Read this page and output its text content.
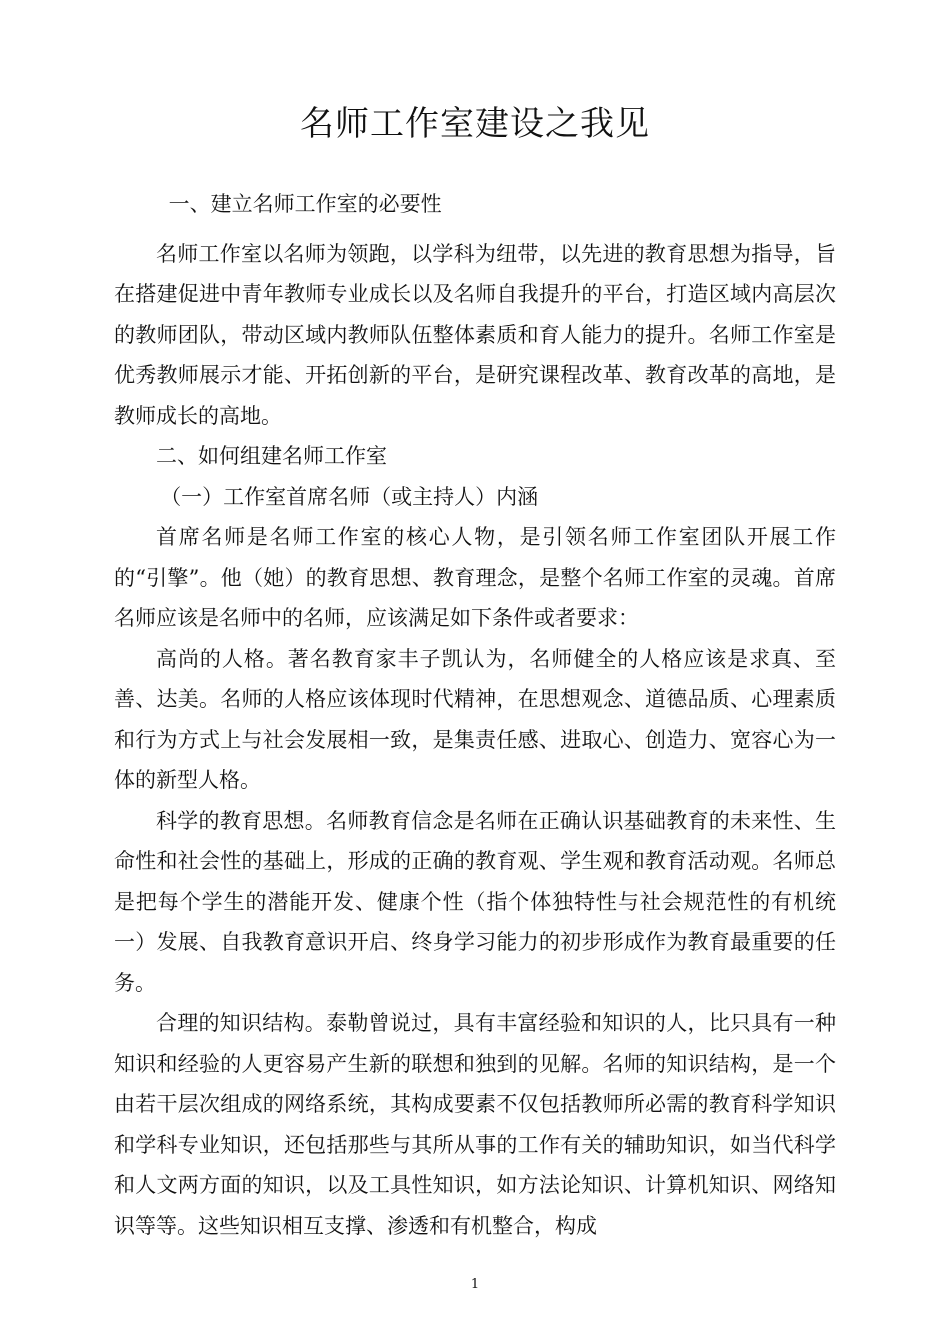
名师工作室建设之我见

一、建立名师工作室的必要性

名师工作室以名师为领跑，以学科为纽带，以先进的教育思想为指导，旨在搭建促进中青年教师专业成长以及名师自我提升的平台，打造区域内高层次的教师团队，带动区域内教师队伍整体素质和育人能力的提升。名师工作室是优秀教师展示才能、开拓创新的平台，是研究课程改革、教育改革的高地，是教师成长的高地。

二、如何组建名师工作室

（一）工作室首席名师（或主持人）内涵

首席名师是名师工作室的核心人物，是引领名师工作室团队开展工作的“引擎”。他（她）的教育思想、教育理念，是整个名师工作室的灵魂。首席名师应该是名师中的名师，应该满足如下条件或者要求：

高尚的人格。著名教育家丰子凯认为，名师健全的人格应该是求真、至善、达美。名师的人格应该体现时代精神，在思想观念、道德品质、心理素质和行为方式上与社会发展相一致，是集责任感、进取心、创造力、宽容心为一体的新型人格。

科学的教育思想。名师教育信念是名师在正确认识基础教育的未来性、生命性和社会性的基础上，形成的正确的教育观、学生观和教育活动观。名师总是把每个学生的潜能开发、健康个性（指个体独特性与社会规范性的有机统一）发展、自我教育意识开启、终身学习能力的初步形成作为教育最重要的任务。

合理的知识结构。泰勒曾说过，具有丰富经验和知识的人，比只具有一种知识和经验的人更容易产生新的联想和独到的见解。名师的知识结构，是一个由若干层次组成的网络系统，其构成要素不仅包括教师所必需的教育科学知识和学科专业知识，还包括那些与其所从事的工作有关的辅助知识，如当代科学和人文两方面的知识，以及工具性知识，如方法论知识、计算机知识、网络知识等等。这些知识相互支撑、渗透和有机整合，构成

1
